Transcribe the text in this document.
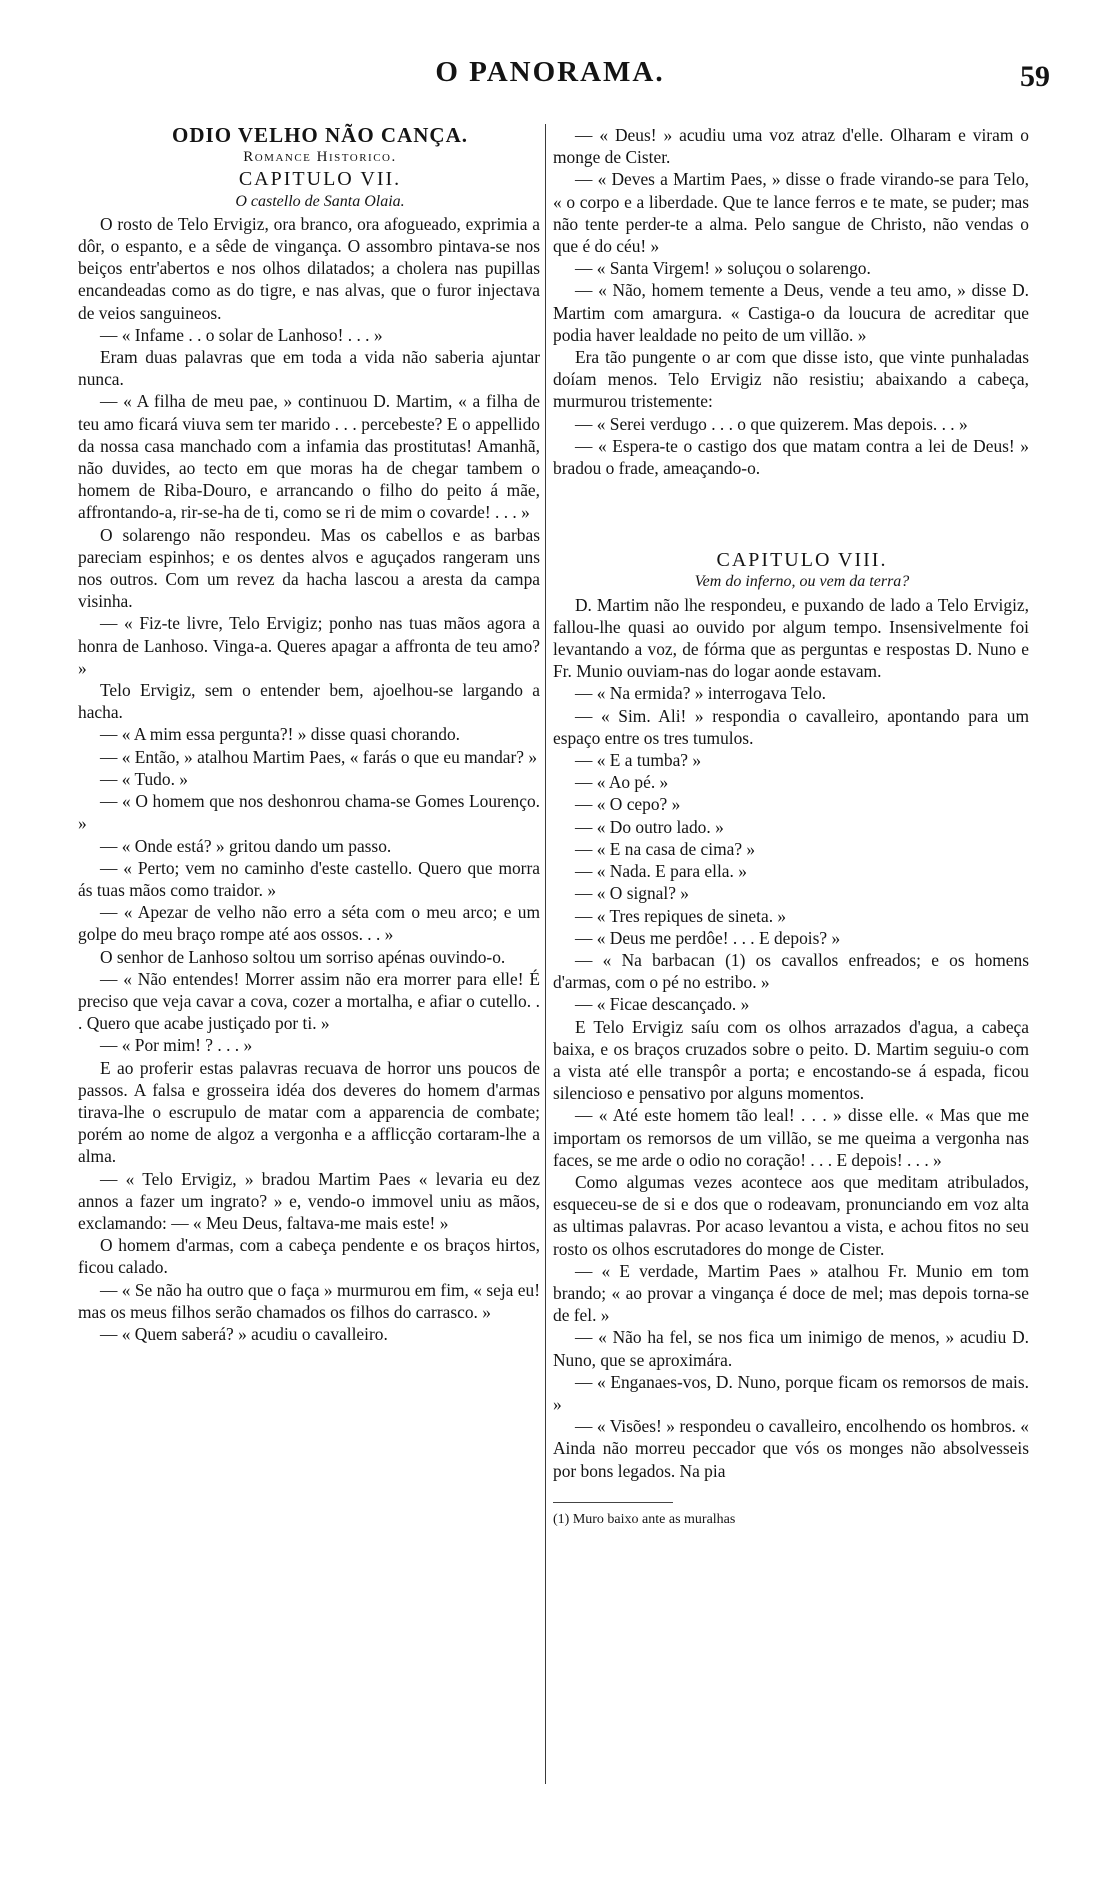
O PANORAMA.	59

ODIO VELHO NÃO CANÇA.

Romance Historico.

CAPITULO VII.

O castello de Santa Olaia.

O rosto de Telo Ervigiz, ora branco, ora afogueado, exprimia a dôr, o espanto, e a sêde de vingança. O assombro pintava-se nos beiços entr'abertos e nos olhos dilatados; a cholera nas pupillas encandeadas como as do tigre, e nas alvas, que o furor injectava de veios sanguineos.

— « Infame . . o solar de Lanhoso! . . . »

Eram duas palavras que em toda a vida não saberia ajuntar nunca.

— « A filha de meu pae, » continuou D. Martim, « a filha de teu amo ficará viuva sem ter marido . . . percebeste? E o appellido da nossa casa manchado com a infamia das prostitutas! Amanhã, não duvides, ao tecto em que moras ha de chegar tambem o homem de Riba-Douro, e arrancando o filho do peito á mãe, affrontando-a, rir-se-ha de ti, como se ri de mim o covarde! . . . »

O solarengo não respondeu. Mas os cabellos e as barbas pareciam espinhos; e os dentes alvos e aguçados rangeram uns nos outros. Com um revez da hacha lascou a aresta da campa visinha.

— « Fiz-te livre, Telo Ervigiz; ponho nas tuas mãos agora a honra de Lanhoso. Vinga-a. Queres apagar a affronta de teu amo? »

Telo Ervigiz, sem o entender bem, ajoelhou-se largando a hacha.

— « A mim essa pergunta?! » disse quasi chorando.

— « Então, » atalhou Martim Paes, « farás o que eu mandar? »

— « Tudo. »

— « O homem que nos deshonrou chama-se Gomes Lourenço. »

— « Onde está? » gritou dando um passo.

— « Perto; vem no caminho d'este castello. Quero que morra ás tuas mãos como traidor. »

— « Apezar de velho não erro a séta com o meu arco; e um golpe do meu braço rompe até aos ossos. . . »

O senhor de Lanhoso soltou um sorriso apénas ouvindo-o.

— « Não entendes! Morrer assim não era morrer para elle! É preciso que veja cavar a cova, cozer a mortalha, e afiar o cutello. . . Quero que acabe justiçado por ti. »

— « Por mim! ? . . . »

E ao proferir estas palavras recuava de horror uns poucos de passos. A falsa e grosseira idéa dos deveres do homem d'armas tirava-lhe o escrupulo de matar com a apparencia de combate; porém ao nome de algoz a vergonha e a afflicção cortaram-lhe a alma.

— « Telo Ervigiz, » bradou Martim Paes « levaria eu dez annos a fazer um ingrato? » e, vendo-o immovel uniu as mãos, exclamando: — « Meu Deus, faltava-me mais este! »

O homem d'armas, com a cabeça pendente e os braços hirtos, ficou calado.

— « Se não ha outro que o faça » murmurou em fim, « seja eu! mas os meus filhos serão chamados os filhos do carrasco. »

— « Quem saberá? » acudiu o cavalleiro.

— « Deus! » acudiu uma voz atraz d'elle. Olharam e viram o monge de Cister.

— « Deves a Martim Paes, » disse o frade virando-se para Telo, « o corpo e a liberdade. Que te lance ferros e te mate, se puder; mas não tente perder-te a alma. Pelo sangue de Christo, não vendas o que é do céu! »

— « Santa Virgem! » soluçou o solarengo.

— « Não, homem temente a Deus, vende a teu amo, » disse D. Martim com amargura. « Castiga-o da loucura de acreditar que podia haver lealdade no peito de um villão. »

Era tão pungente o ar com que disse isto, que vinte punhaladas doíam menos. Telo Ervigiz não resistiu; abaixando a cabeça, murmurou tristemente:

— « Serei verdugo . . . o que quizerem. Mas depois. . . »

— « Espera-te o castigo dos que matam contra a lei de Deus! » bradou o frade, ameaçando-o.

CAPITULO VIII.

Vem do inferno, ou vem da terra?

D. Martim não lhe respondeu, e puxando de lado a Telo Ervigiz, fallou-lhe quasi ao ouvido por algum tempo. Insensivelmente foi levantando a voz, de fórma que as perguntas e respostas D. Nuno e Fr. Munio ouviam-nas do logar aonde estavam.

— « Na ermida? » interrogava Telo.

— « Sim. Ali! » respondia o cavalleiro, apontando para um espaço entre os tres tumulos.

— « E a tumba? »

— « Ao pé. »

— « O cepo? »

— « Do outro lado. »

— « E na casa de cima? »

— « Nada. E para ella. »

— « O signal? »

— « Tres repiques de sineta. »

— « Deus me perdôe! . . . E depois? »

— « Na barbacan (1) os cavallos enfreados; e os homens d'armas, com o pé no estribo. »

— « Ficae descançado. »

E Telo Ervigiz saíu com os olhos arrazados d'agua, a cabeça baixa, e os braços cruzados sobre o peito. D. Martim seguiu-o com a vista até elle transpôr a porta; e encostando-se á espada, ficou silencioso e pensativo por alguns momentos.

— « Até este homem tão leal! . . . » disse elle. « Mas que me importam os remorsos de um villão, se me queima a vergonha nas faces, se me arde o odio no coração! . . . E depois! . . . »

Como algumas vezes acontece aos que meditam atribulados, esqueceu-se de si e dos que o rodeavam, pronunciando em voz alta as ultimas palavras. Por acaso levantou a vista, e achou fitos no seu rosto os olhos escrutadores do monge de Cister.

— « E verdade, Martim Paes » atalhou Fr. Munio em tom brando; « ao provar a vingança é doce de mel; mas depois torna-se de fel. »

— « Não ha fel, se nos fica um inimigo de menos, » acudiu D. Nuno, que se aproximára.

— « Enganaes-vos, D. Nuno, porque ficam os remorsos de mais. »

— « Visões! » respondeu o cavalleiro, encolhendo os hombros. « Ainda não morreu peccador que vós os monges não absolvesseis por bons legados. Na pia

(1) Muro baixo ante as muralhas
